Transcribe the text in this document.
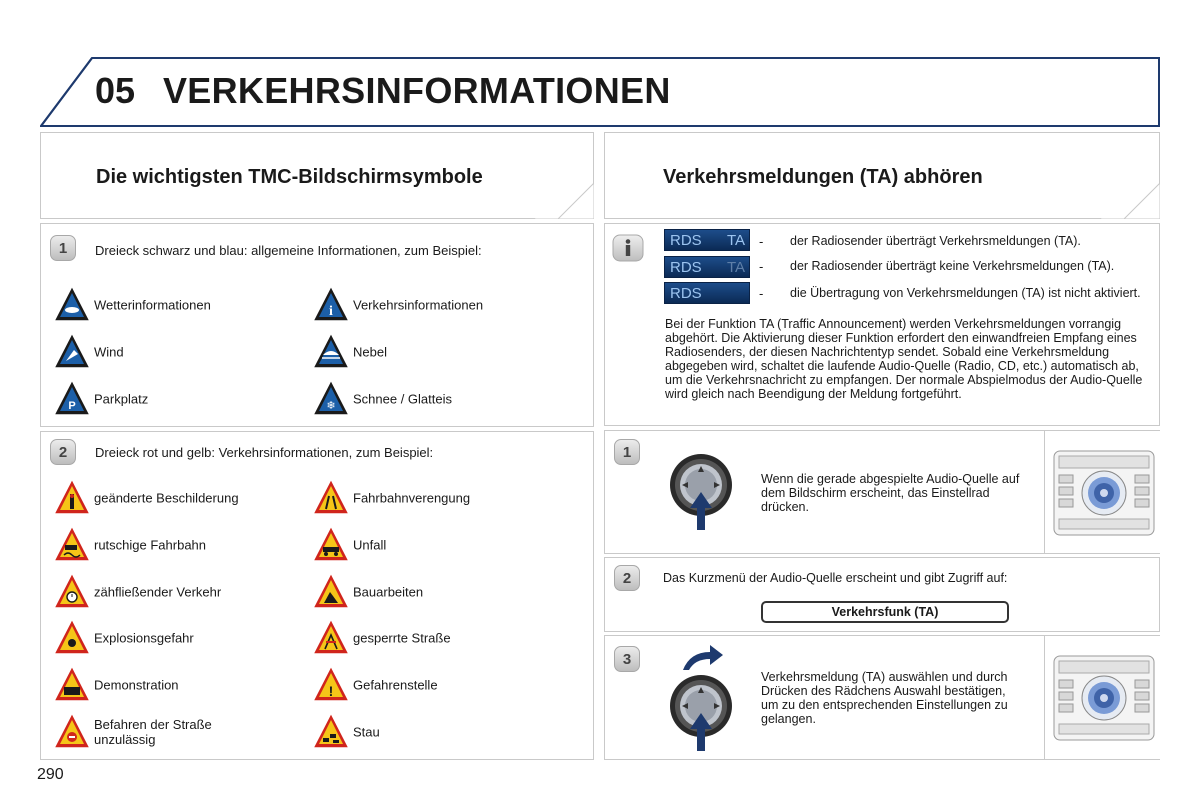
05 VERKEHRSINFORMATIONEN
Die wichtigsten TMC-Bildschirmsymbole	Verkehrsmeldungen (TA) abhören
1	Dreieck schwarz und blau: allgemeine Informationen, zum Beispiel:
2	Dreieck rot und gelb: Verkehrsinformationen, zum Beispiel:
Wetterinformationen	i Verkehrsinformationen
Wind	Nebel
P Parkplatz	❄ Schnee / Glatteis
geänderte Beschilderung	Fahrbahnverengung
rutschige Fahrbahn	Unfall
zähfließender Verkehr	Bauarbeiten
Explosionsgefahr	gesperrte Straße
Demonstration	! Gefahrenstelle
Befahren der Straße
unzulässig	Stau
RDS TA - der Radiosender überträgt Verkehrsmeldungen (TA).
RDS TA - der Radiosender überträgt keine Verkehrsmeldungen (TA).
RDS	- die Übertragung von Verkehrsmeldungen (TA) ist nicht aktiviert.
Bei der Funktion TA (Traffic Announcement) werden Verkehrsmeldungen vorrangig abgehört. Die Aktivierung dieser Funktion erfordert den einwandfreien Empfang eines Radiosenders, der diesen Nachrichtentyp sendet. Sobald eine Verkehrsmeldung abgegeben wird, schaltet die laufende Audio-Quelle (Radio, CD, etc.) automatisch ab, um die Verkehrsnachricht zu empfangen. Der normale Abspielmodus der Audio-Quelle wird gleich nach Beendigung der Meldung fortgeführt.
1
Wenn die gerade abgespielte Audio-Quelle auf dem Bildschirm erscheint, das Einstellrad drücken.
2	Das Kurzmenü der Audio-Quelle erscheint und gibt Zugriff auf:
Verkehrsfunk (TA)
3
Verkehrsmeldung (TA) auswählen und durch Drücken des Rädchens Auswahl bestätigen, um zu den entsprechenden Einstellungen zu gelangen.
290
